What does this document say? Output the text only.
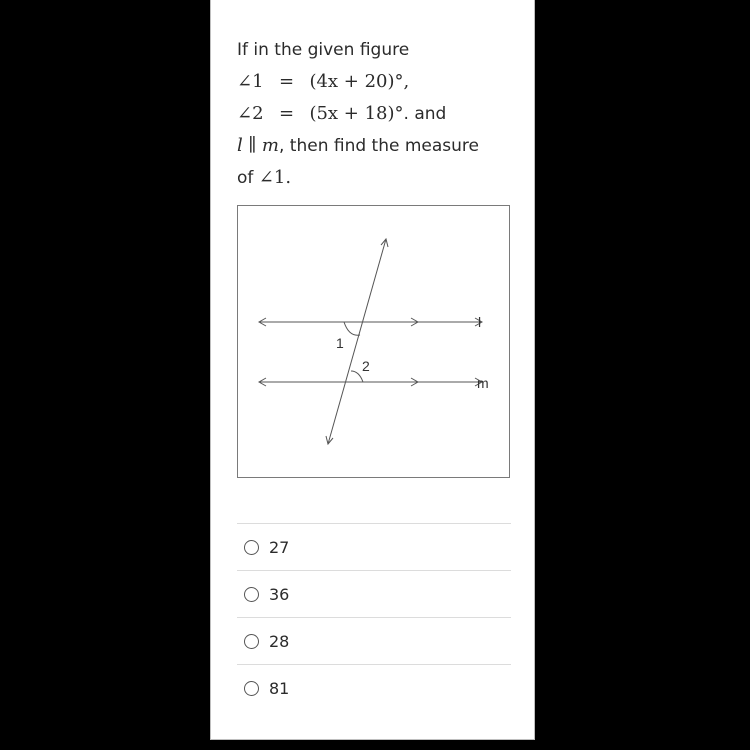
If in the given figure
∠1 = (4x + 20)°,
∠2 = (5x + 18)°. and
l ∥ m, then find the measure
of ∠1.
1
2
l
m
27
36
28
81
